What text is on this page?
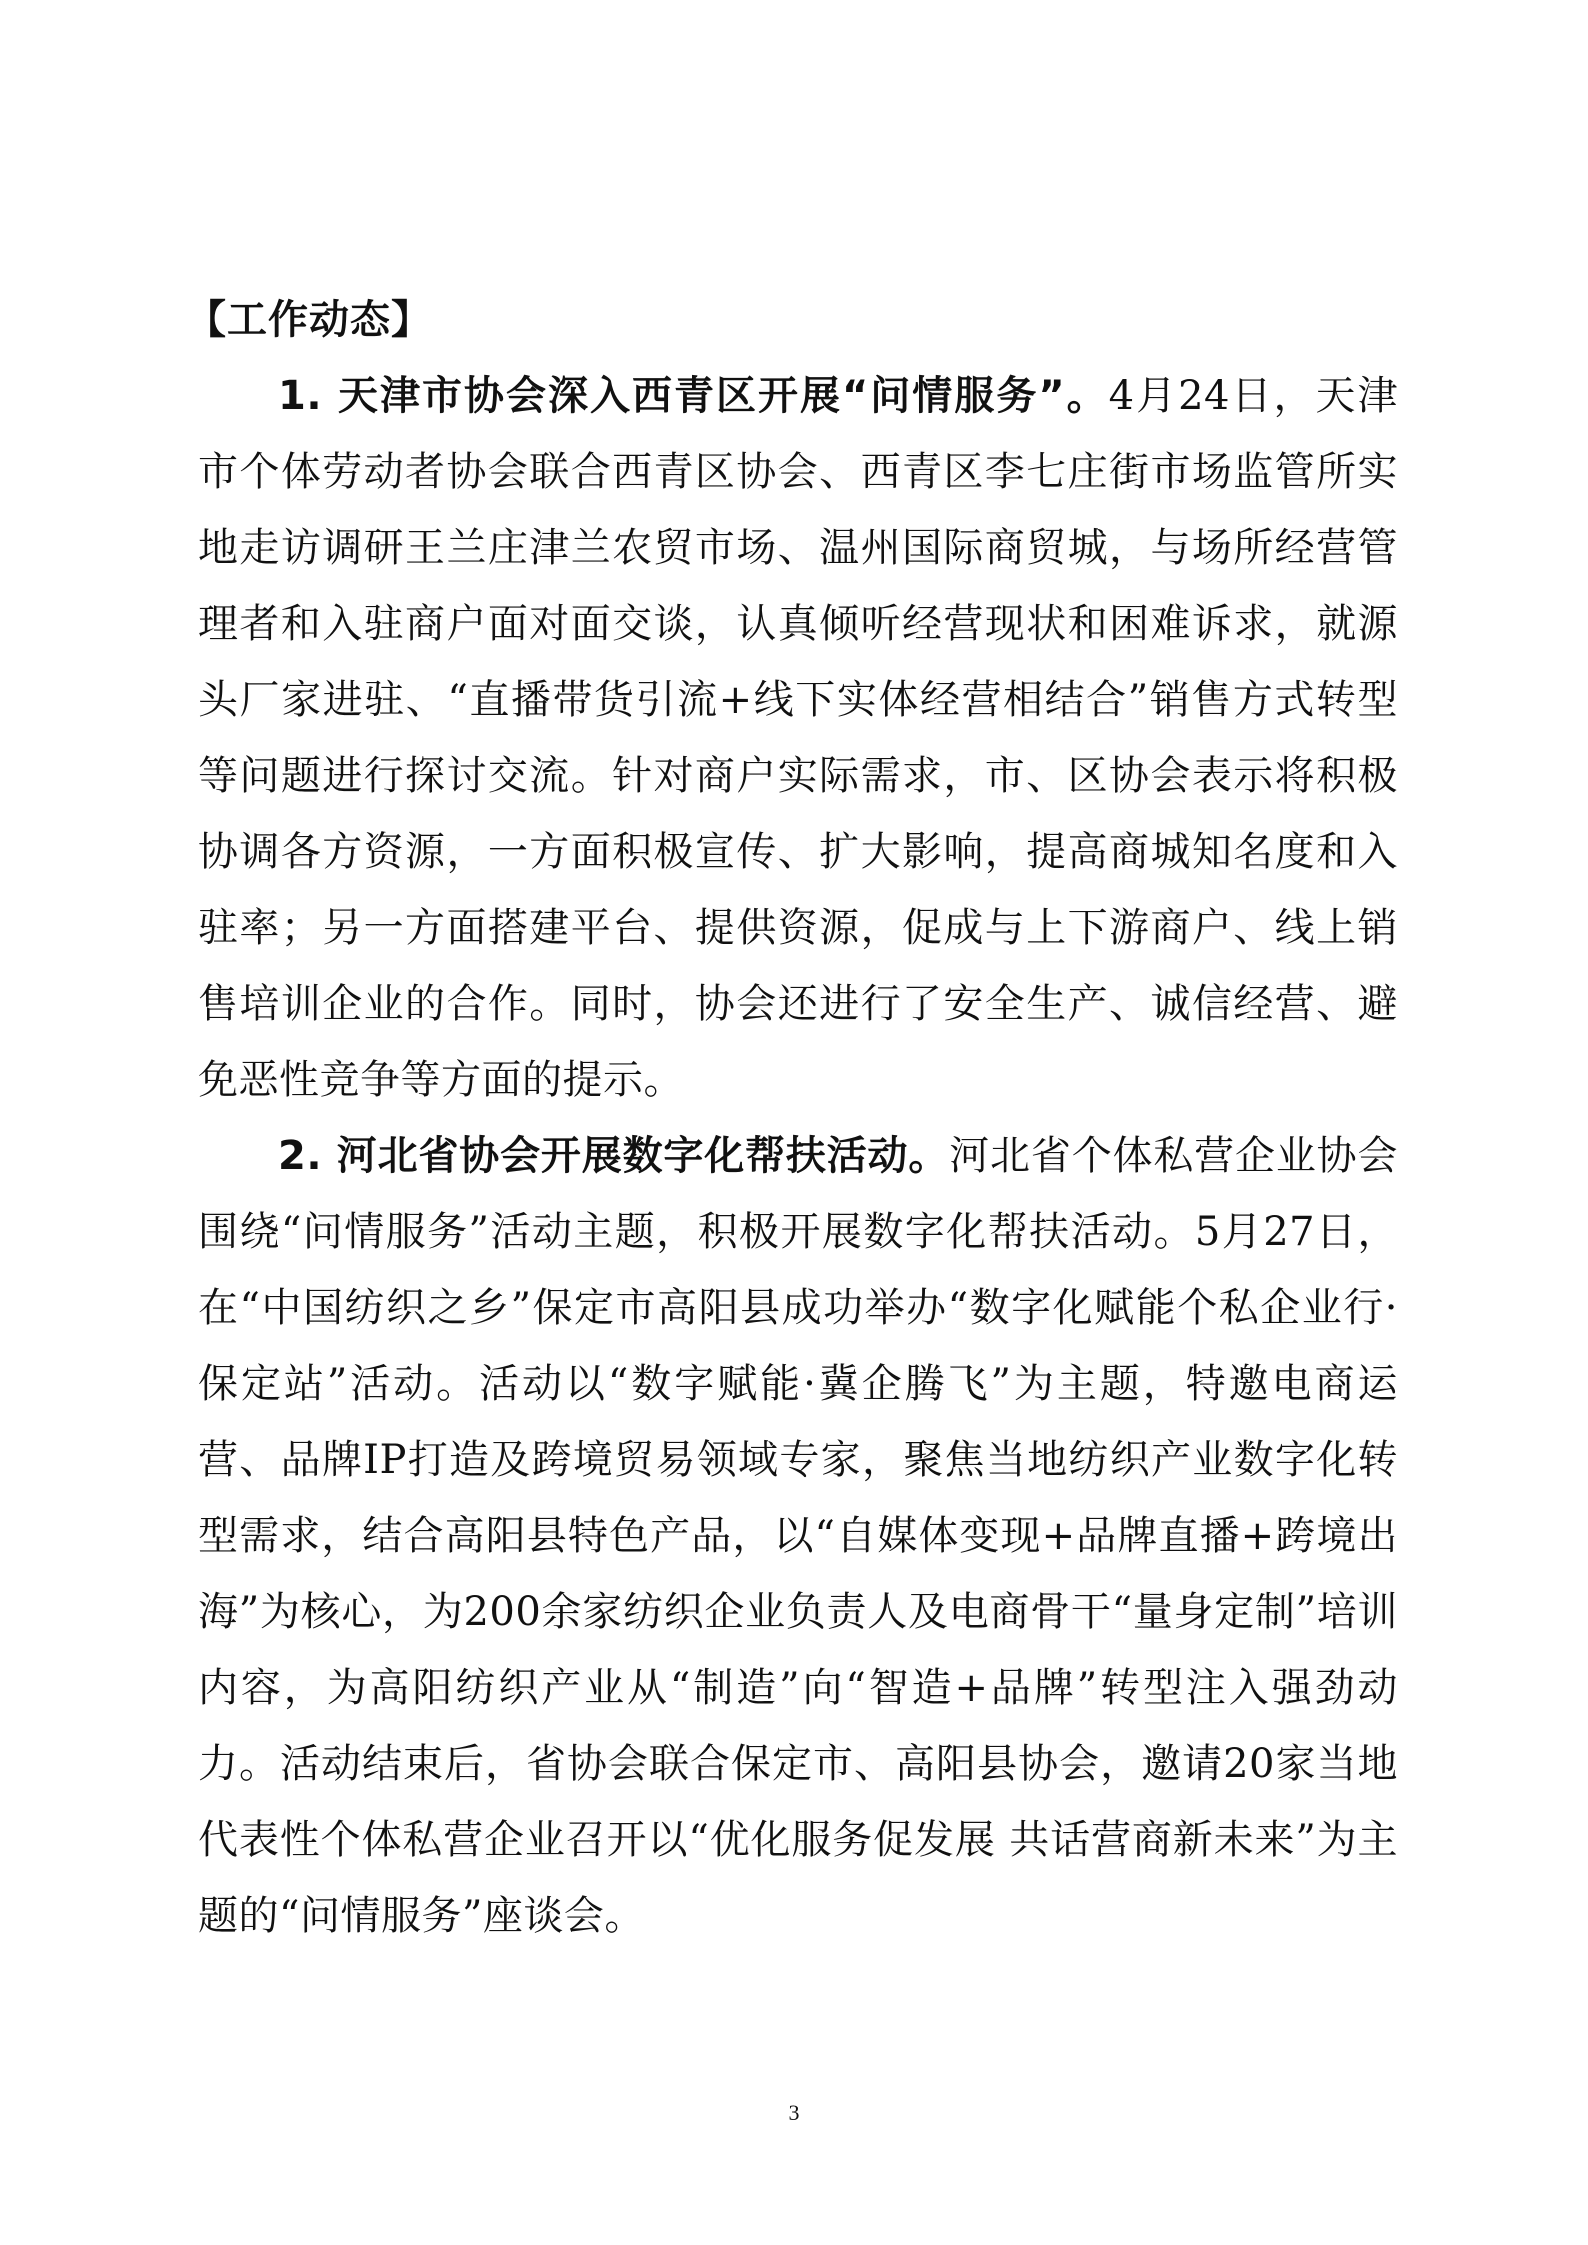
【工作动态】

1. 天津市协会深入西青区开展“问情服务”。4月24日，天津市个体劳动者协会联合西青区协会、西青区李七庄街市场监管所实地走访调研王兰庄津兰农贸市场、温州国际商贸城，与场所经营管理者和入驻商户面对面交谈，认真倾听经营现状和困难诉求，就源头厂家进驻、“直播带货引流+线下实体经营相结合”销售方式转型等问题进行探讨交流。针对商户实际需求，市、区协会表示将积极协调各方资源，一方面积极宣传、扩大影响，提高商城知名度和入驻率；另一方面搭建平台、提供资源，促成与上下游商户、线上销售培训企业的合作。同时，协会还进行了安全生产、诚信经营、避免恶性竞争等方面的提示。

2. 河北省协会开展数字化帮扶活动。河北省个体私营企业协会围绕“问情服务”活动主题，积极开展数字化帮扶活动。5月27日，在“中国纺织之乡”保定市高阳县成功举办“数字化赋能个私企业行·保定站”活动。活动以“数字赋能·冀企腾飞”为主题，特邀电商运营、品牌IP打造及跨境贸易领域专家，聚焦当地纺织产业数字化转型需求，结合高阳县特色产品，以“自媒体变现+品牌直播+跨境出海”为核心，为200余家纺织企业负责人及电商骨干“量身定制”培训内容，为高阳纺织产业从“制造”向“智造+品牌”转型注入强劲动力。活动结束后，省协会联合保定市、高阳县协会，邀请20家当地代表性个体私营企业召开以“优化服务促发展 共话营商新未来”为主题的“问情服务”座谈会。

3
